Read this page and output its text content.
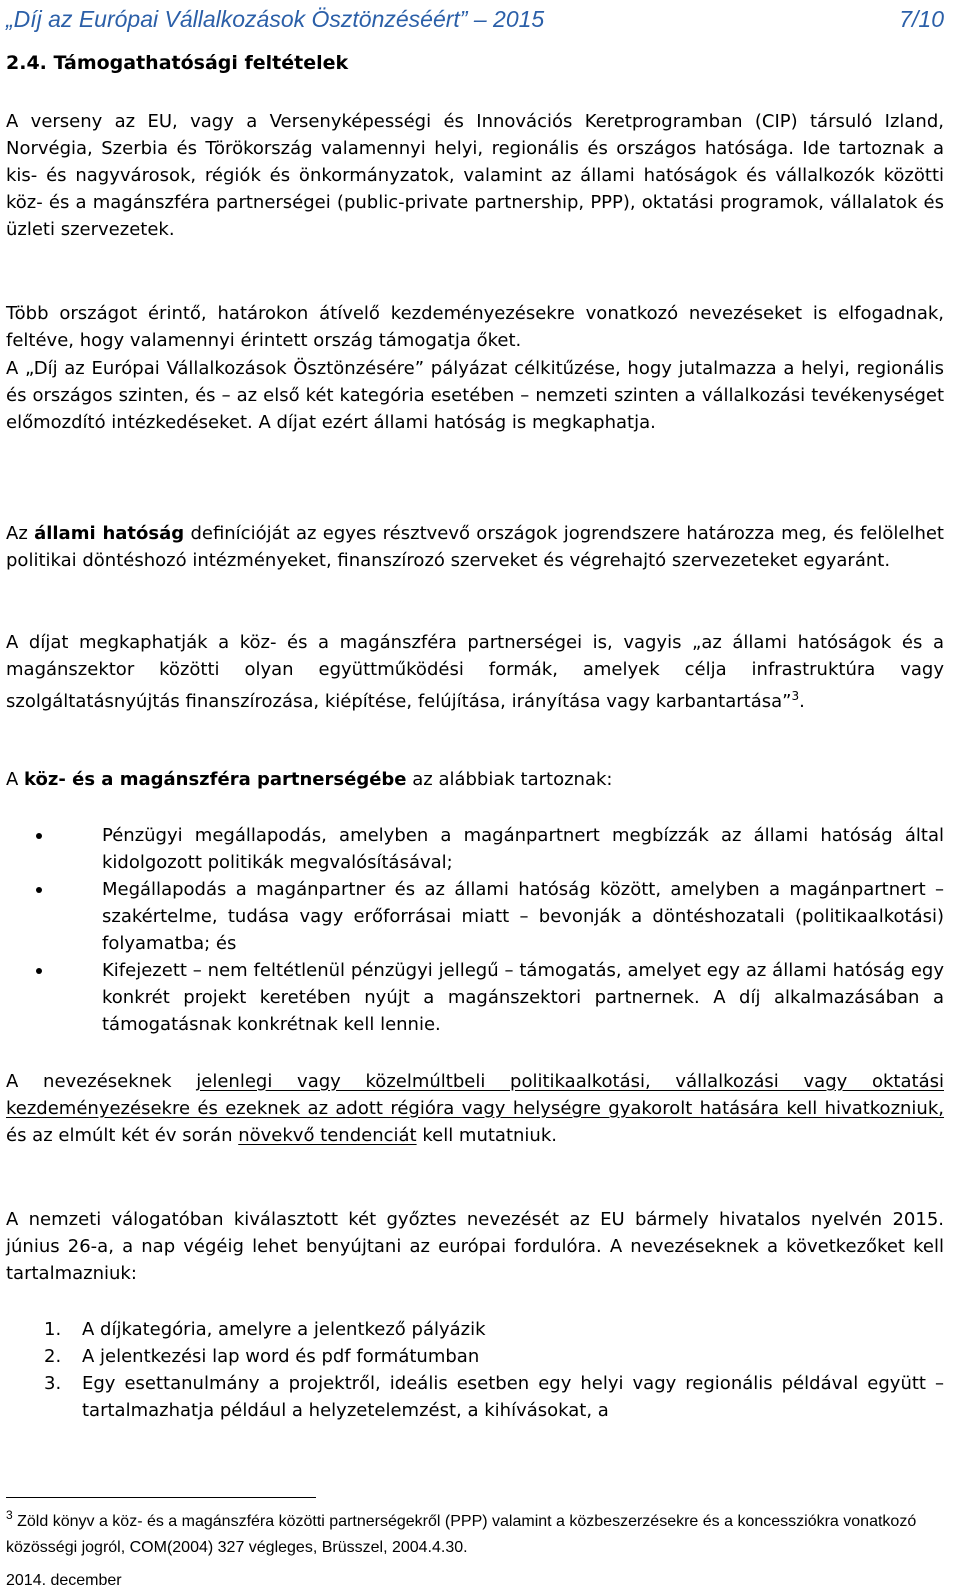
„Díj az Európai Vállalkozások Ösztönzéséért” – 2015	7/10
2.4. Támogathatósági feltételek

A verseny az EU, vagy a Versenyképességi és Innovációs Keretprogramban (CIP) társuló Izland, Norvégia, Szerbia és Törökország valamennyi helyi, regionális és országos hatósága. Ide tartoznak a kis- és nagyvárosok, régiók és önkormányzatok, valamint az állami hatóságok és vállalkozók közötti köz- és a magánszféra partnerségei (public-private partnership, PPP), oktatási programok, vállalatok és üzleti szervezetek.

Több országot érintő, határokon átívelő kezdeményezésekre vonatkozó nevezéseket is elfogadnak, feltéve, hogy valamennyi érintett ország támogatja őket.

A „Díj az Európai Vállalkozások Ösztönzésére” pályázat célkitűzése, hogy jutalmazza a helyi, regionális és országos szinten, és – az első két kategória esetében – nemzeti szinten a vállalkozási tevékenységet előmozdító intézkedéseket. A díjat ezért állami hatóság is megkaphatja.

Az állami hatóság definícióját az egyes résztvevő országok jogrendszere határozza meg, és felölelhet politikai döntéshozó intézményeket, finanszírozó szerveket és végrehajtó szervezeteket egyaránt.

A díjat megkaphatják a köz- és a magánszféra partnerségei is, vagyis „az állami hatóságok és a magánszektor közötti olyan együttműködési formák, amelyek célja infrastruktúra vagy szolgáltatásnyújtás finanszírozása, kiépítése, felújítása, irányítása vagy karbantartása”$^3$.

A köz- és a magánszféra partnerségébe az alábbiak tartoznak:

Pénzügyi megállapodás, amelyben a magánpartnert megbízzák az állami hatóság által kidolgozott politikák megvalósításával;
Megállapodás a magánpartner és az állami hatóság között, amelyben a magánpartnert – szakértelme, tudása vagy erőforrásai miatt – bevonják a döntéshozatali (politikaalkotási) folyamatba; és
Kifejezett – nem feltétlenül pénzügyi jellegű – támogatás, amelyet egy az állami hatóság egy konkrét projekt keretében nyújt a magánszektori partnernek. A díj alkalmazásában a támogatásnak konkrétnak kell lennie.

A nevezéseknek jelenlegi vagy közelmúltbeli politikaalkotási, vállalkozási vagy oktatási kezdeményezésekre és ezeknek az adott régióra vagy helységre gyakorolt hatására kell hivatkozniuk, és az elmúlt két év során növekvő tendenciát kell mutatniuk.

A nemzeti válogatóban kiválasztott két győztes nevezését az EU bármely hivatalos nyelvén 2015. június 26-a, a nap végéig lehet benyújtani az európai fordulóra. A nevezéseknek a következőket kell tartalmazniuk:

1. A díjkategória, amelyre a jelentkező pályázik
2. A jelentkezési lap word és pdf formátumban
3. Egy esettanulmány a projektről, ideális esetben egy helyi vagy regionális példával együtt – tartalmazhatja például a helyzetelemzést, a kihívásokat, a
$^3$ Zöld könyv a köz- és a magánszféra közötti partnerségekről (PPP) valamint a közbeszerzésekre és a koncessziókra vonatkozó közösségi jogról, COM(2004) 327 végleges, Brüsszel, 2004.4.30.
2014. december
